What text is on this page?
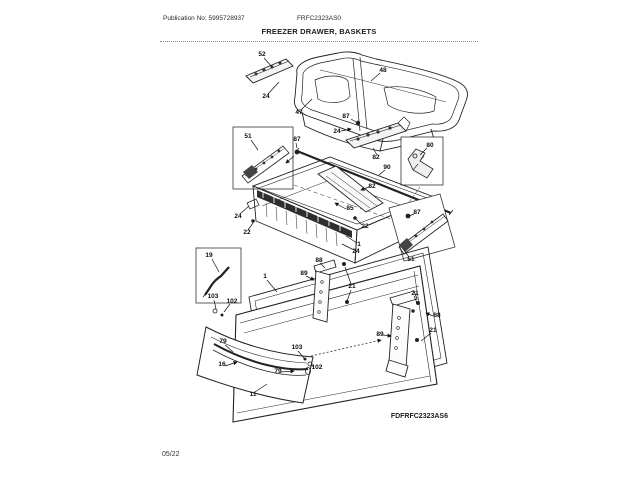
Publication No: 5995728937	FRFC2323AS0
FREEZER DRAWER, BASKETS
52
24
48
47
87
24
82
51	87
80
90
82
24
22
85
22
1
24
87
51
19
1
88
89
21
103
102
21
88
21
89
79
16
103
102
79
11
FDFRFC2323AS6
05/22
